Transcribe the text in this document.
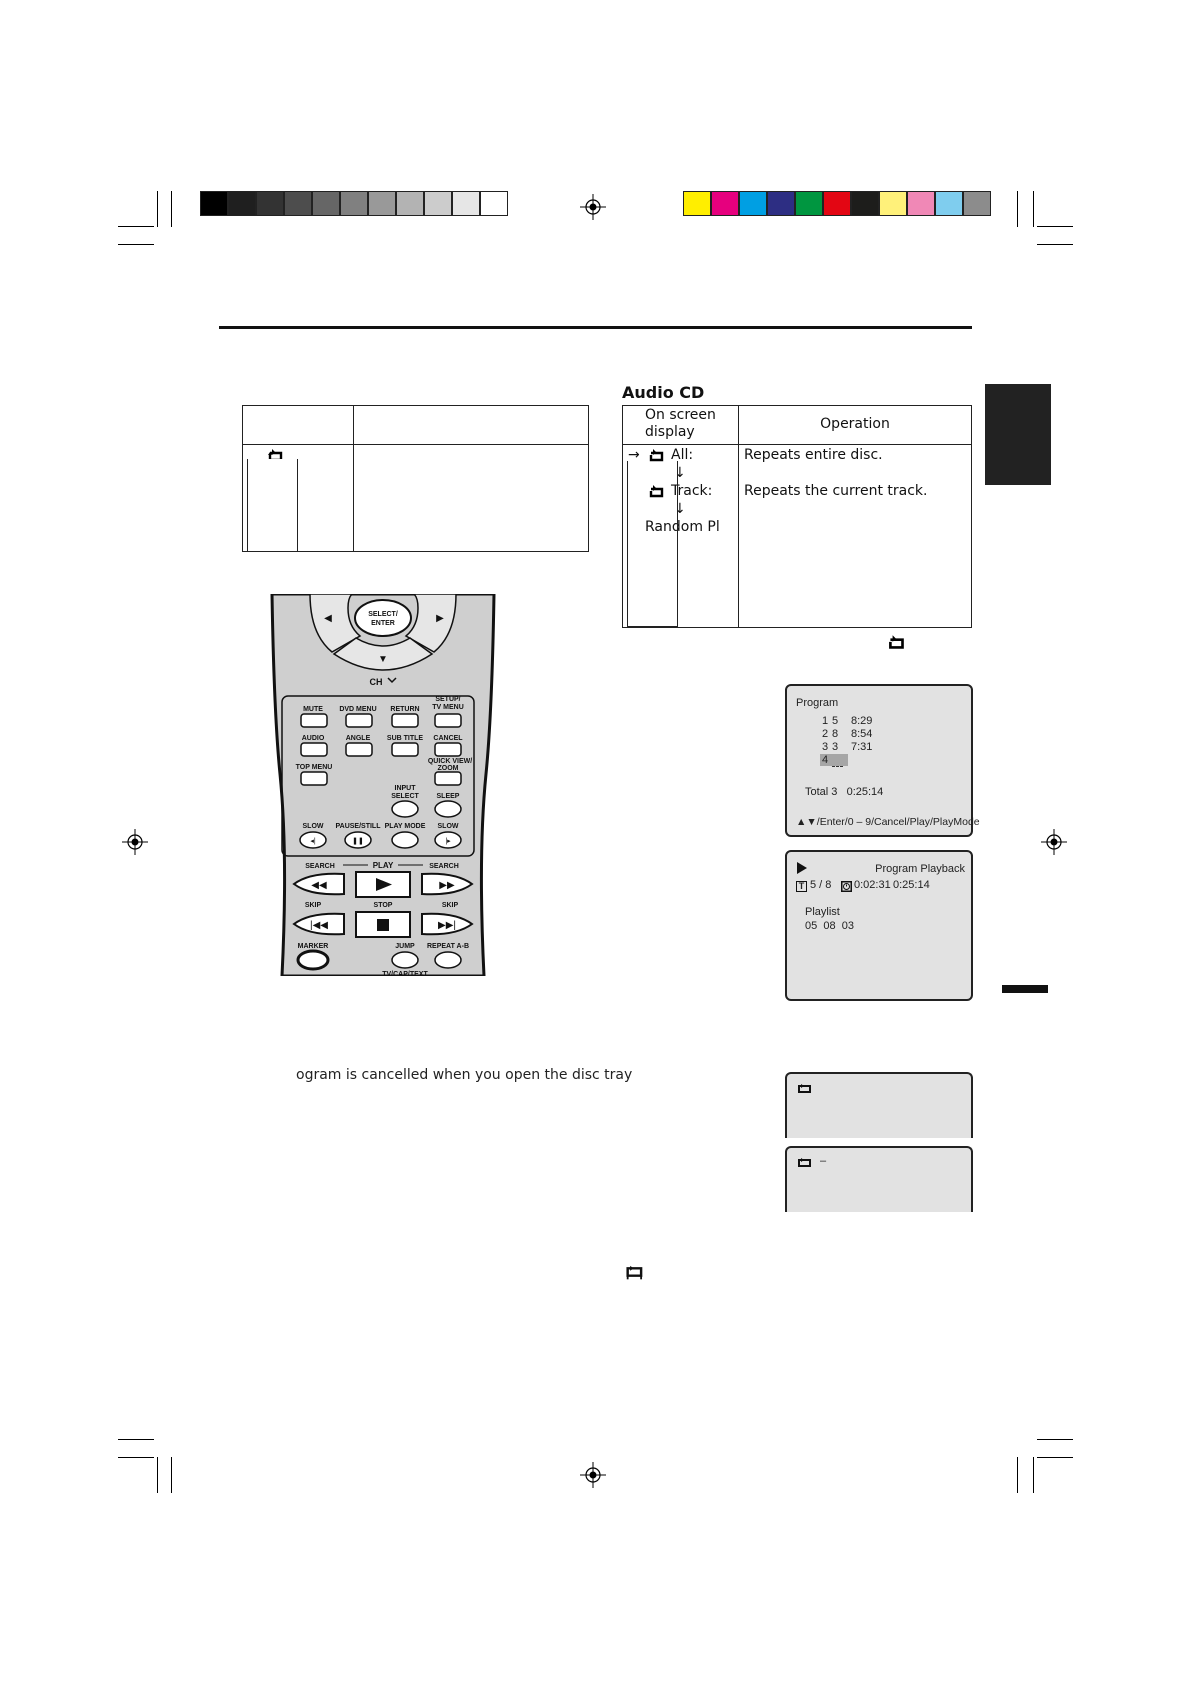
Audio CD
On screen
display	Operation
→ All:	Repeats entire disc.
↓
Track: Repeats the current track.
↓
Random Pl
SELECT/
ENTER
◀	▶
▼
CH
MUTE DVD MENU RETURN
SETUP/
TV MENU
AUDIO	ANGLE SUB TITLE CANCEL
TOP MENU
QUICK VIEW/
ZOOM
INPUT
SELECT	SLEEP
SLOW PAUSE/STILL PLAY MODE SLOW
◂|	❚❚	|▸
SEARCH	PLAY	SEARCH
◀◀	▶▶
SKIP	STOP	SKIP
|◀◀	▶▶|
MARKER	JUMP REPEAT A-B
TV/CAP/TEXT
Program
1 5 8:29
2 8 8:54
3 3 7:31
4
Total 3   0:25:14
▲▼/Enter/0 – 9/Cancel/Play/PlayMode
Program Playback
T 5 / 8 0:02:31 0:25:14
Playlist
05  08  03
–
ogram is cancelled when you open the disc tray
